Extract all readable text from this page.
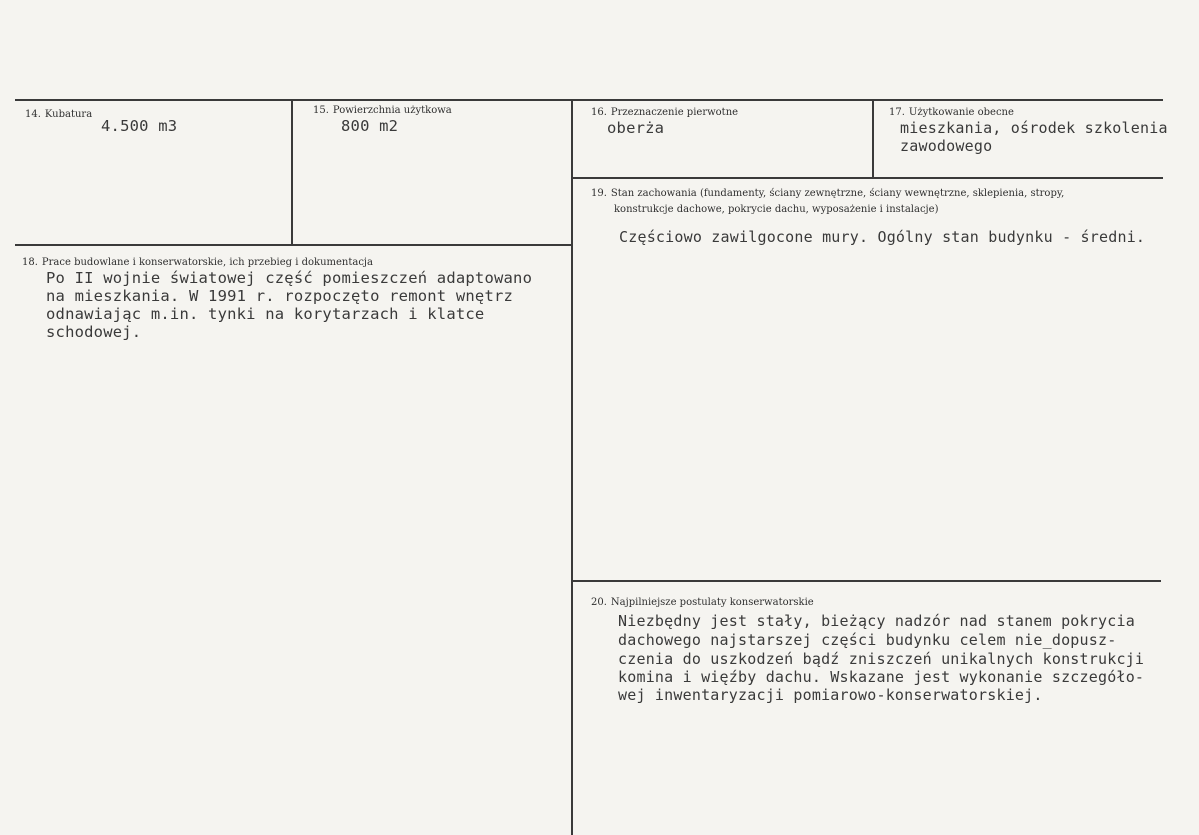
14. Kubatura
4.500 m3
15. Powierzchnia użytkowa
800 m2
16. Przeznaczenie pierwotne
oberża
17. Użytkowanie obecne
mieszkania, ośrodek szkolenia
zawodowego
18. Prace budowlane i konserwatorskie, ich przebieg i dokumentacja
Po II wojnie światowej część pomieszczeń adaptowano
na mieszkania. W 1991 r. rozpoczęto remont wnętrz
odnawiając m.in. tynki na korytarzach i klatce
schodowej.
19. Stan zachowania (fundamenty, ściany zewnętrzne, ściany wewnętrzne, sklepienia, stropy,
konstrukcje dachowe, pokrycie dachu, wyposażenie i instalacje)
Częściowo zawilgocone mury. Ogólny stan budynku - średni.
20. Najpilniejsze postulaty konserwatorskie
Niezbędny jest stały, bieżący nadzór nad stanem pokrycia
dachowego najstarszej części budynku celem nie_dopusz-
czenia do uszkodzeń bądź zniszczeń unikalnych konstrukcji
komina i więźby dachu. Wskazane jest wykonanie szczegóło-
wej inwentaryzacji pomiarowo-konserwatorskiej.
